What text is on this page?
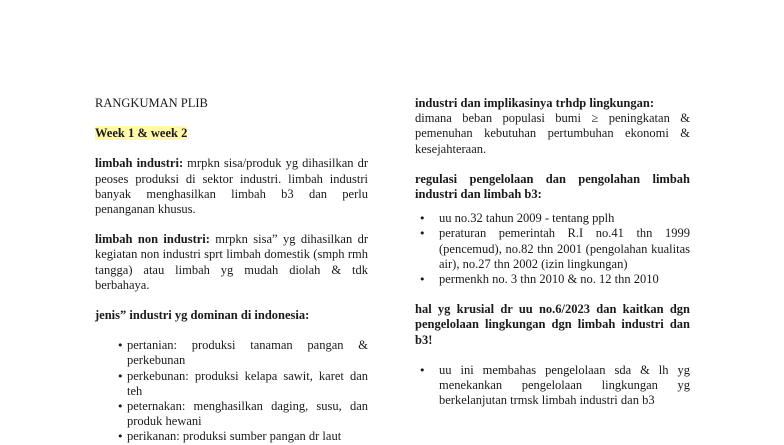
RANGKUMAN PLIB

Week 1 & week 2

limbah industri: mrpkn sisa/produk yg dihasilkan dr peoses produksi di sektor industri. limbah industri banyak menghasilkan limbah b3 dan perlu penanganan khusus.

limbah non industri: mrpkn sisa” yg dihasilkan dr kegiatan non industri sprt limbah domestik (smph rmh tangga) atau limbah yg mudah diolah & tdk berbahaya.

jenis” industri yg dominan di indonesia:

• pertanian: produksi tanaman pangan & perkebunan
• perkebunan: produksi kelapa sawit, karet dan teh
• peternakan: menghasilkan daging, susu, dan produk hewani
• perikanan: produksi sumber pangan dr laut

industri dan implikasinya trhdp lingkungan:

dimana beban populasi bumi ≥ peningkatan & pemenuhan kebutuhan pertumbuhan ekonomi & kesejahteraan.

regulasi pengelolaan dan pengolahan limbah industri dan limbah b3:

• uu no.32 tahun 2009 - tentang pplh
• peraturan pemerintah R.I no.41 thn 1999 (pencemud), no.82 thn 2001 (pengolahan kualitas air), no.27 thn 2002 (izin lingkungan)
• permenkh no. 3 thn 2010 & no. 12 thn 2010

hal yg krusial dr uu no.6/2023 dan kaitkan dgn pengelolaan lingkungan dgn limbah industri dan b3!

• uu ini membahas pengelolaan sda & lh yg menekankan pengelolaan lingkungan yg berkelanjutan trmsk limbah industri dan b3
